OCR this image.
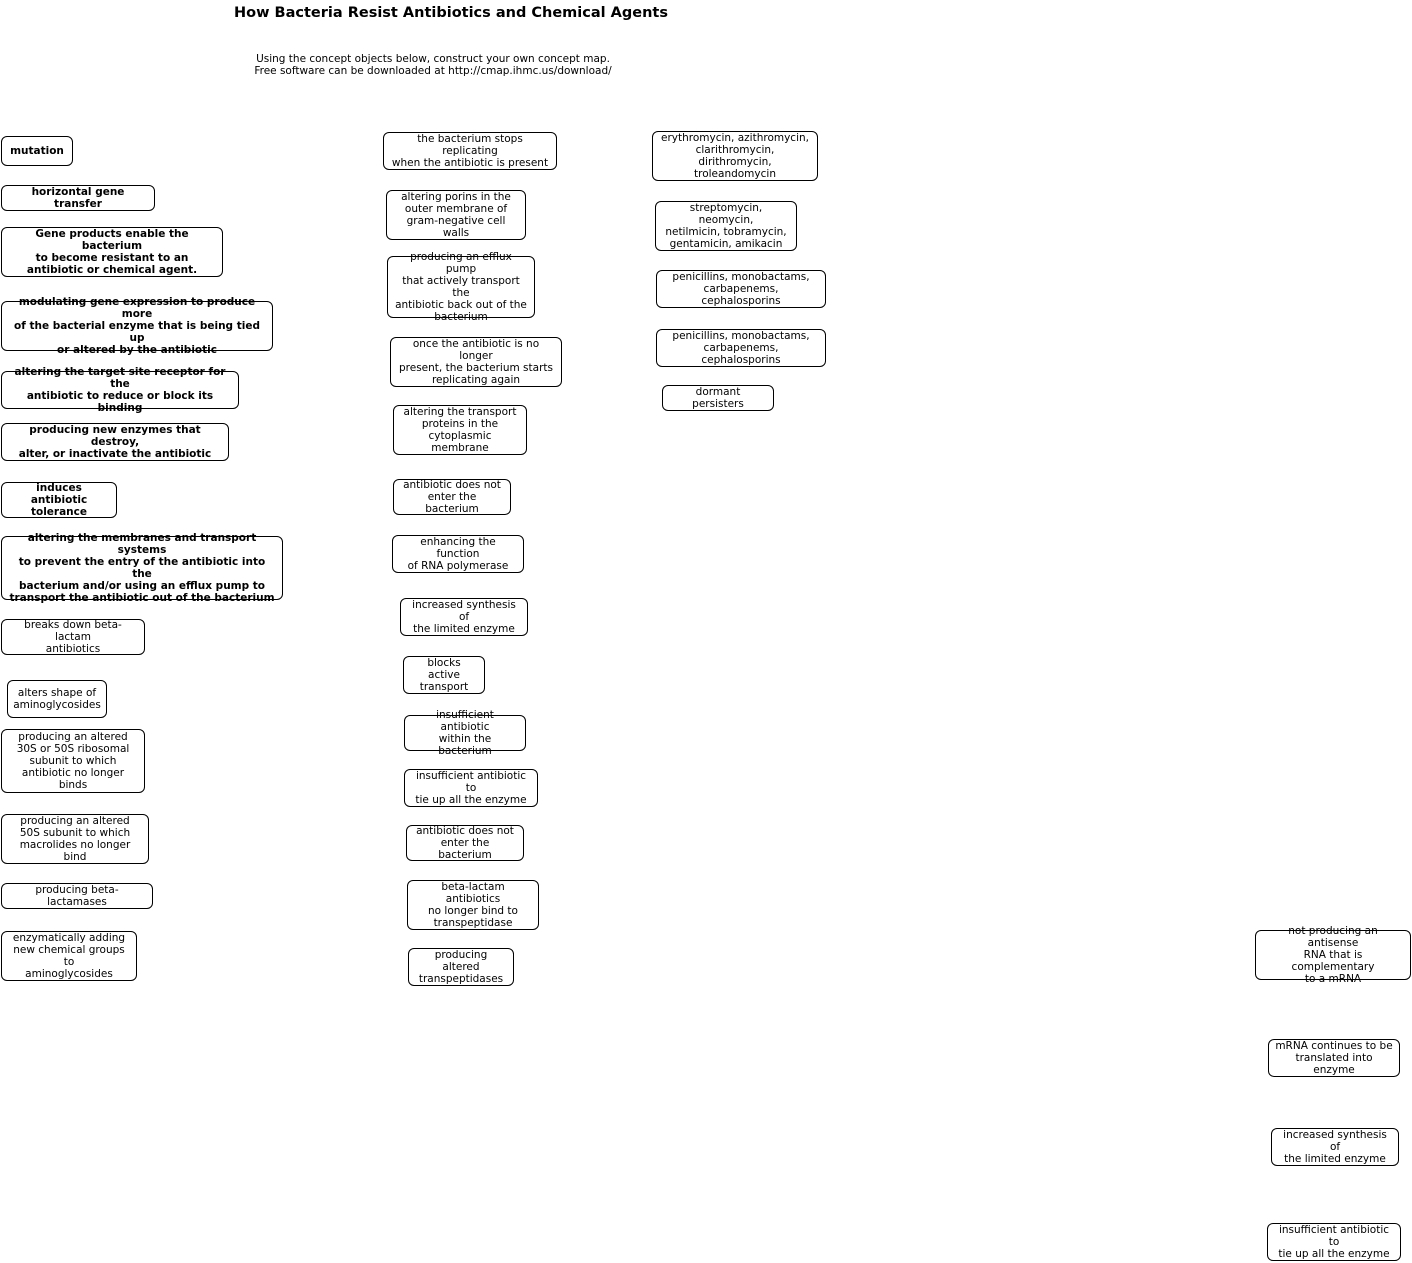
How Bacteria Resist Antibiotics and Chemical Agents
Using the concept objects below, construct your own concept map.
Free software can be downloaded at http://cmap.ihmc.us/download/
mutation
horizontal gene transfer
Gene products enable the bacterium
to become resistant to an
antibiotic or chemical agent.
modulating gene expression to produce more
of the bacterial enzyme that is being tied up
or altered by the antibiotic
altering the target site receptor for the
antibiotic to reduce or block its binding
producing new enzymes that destroy,
alter, or inactivate the antibiotic
induces antibiotic
tolerance
altering the membranes and transport systems
to prevent the entry of the antibiotic into the
bacterium and/or using an efflux pump to
transport the antibiotic out of the bacterium
breaks down beta-lactam
antibiotics
alters shape of
aminoglycosides
producing an altered
30S or 50S ribosomal
subunit to which
antibiotic no longer binds
producing an altered
50S subunit to which
macrolides no longer bind
producing beta-lactamases
enzymatically adding
new chemical groups to
aminoglycosides
the bacterium stops replicating
when the antibiotic is present
altering porins in the
outer membrane of
gram-negative cell walls
producing an efflux pump
that actively transport the
antibiotic back out of the
bacterium
once the antibiotic is no longer
present, the bacterium starts
replicating again
altering the transport
proteins in the
cytoplasmic membrane
antibiotic does not
enter the bacterium
enhancing the function
of RNA polymerase
increased synthesis of
the limited enzyme
blocks active
transport
insufficient antibiotic
within the bacterium
insufficient antibiotic to
tie up all the enzyme
antibiotic does not
enter the bacterium
beta-lactam antibiotics
no longer bind to
transpeptidase
producing altered
transpeptidases
erythromycin, azithromycin,
clarithromycin, dirithromycin,
troleandomycin
streptomycin, neomycin,
netilmicin, tobramycin,
gentamicin, amikacin
penicillins, monobactams,
carbapenems, cephalosporins
penicillins, monobactams,
carbapenems, cephalosporins
dormant persisters
not producing an antisense
RNA that is complementary
to a mRNA
mRNA continues to be
translated into enzyme
increased synthesis of
the limited enzyme
insufficient antibiotic to
tie up all the enzyme
